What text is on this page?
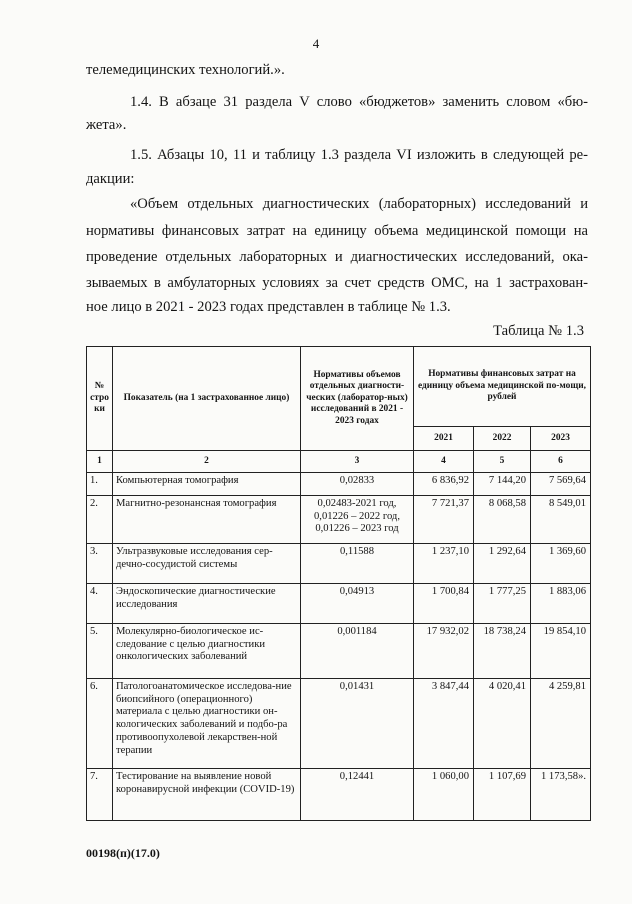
4
телемедицинских технологий.».
1.4. В абзаце 31 раздела V слово «бюджетов» заменить словом «бю-
жета».
1.5. Абзацы 10, 11 и таблицу 1.3 раздела VI изложить в следующей ре-
дакции:
«Объем отдельных диагностических (лабораторных) исследований и
нормативы финансовых затрат на единицу объема медицинской помощи на
проведение отдельных лабораторных и диагностических исследований, ока-
зываемых в амбулаторных условиях за счет средств ОМС, на 1 застрахован-
ное лицо в 2021 - 2023 годах представлен в таблице № 1.3.
Таблица № 1.3
№ стро ки	Показатель (на 1 застрахованное лицо)	Нормативы объемов отдельных диагности-ческих (лаборатор-ных) исследований в 2021 - 2023 годах	Нормативы финансовых затрат на единицу объема медицинской по-мощи, рублей		
			2021	2022	2023
1	2	3	4	5	6
1.	Компьютерная томография	0,02833	6 836,92	7 144,20	7 569,64
2.	Магнитно-резонансная томография	0,02483-2021 год,
0,01226 – 2022 год,
0,01226 – 2023 год	7 721,37	8 068,58	8 549,01
3.	Ультразвуковые исследования сер-дечно-сосудистой системы	0,11588	1 237,10	1 292,64	1 369,60
4.	Эндоскопические диагностические исследования	0,04913	1 700,84	1 777,25	1 883,06
5.	Молекулярно-биологическое ис-следование с целью диагностики онкологических заболеваний	0,001184	17 932,02	18 738,24	19 854,10
6.	Патологоанатомическое исследова-ние биопсийного (операционного) материала с целью диагностики он-кологических заболеваний и подбо-ра противоопухолевой лекарствен-ной терапии	0,01431	3 847,44	4 020,41	4 259,81
7.	Тестирование на выявление новой коронавирусной инфекции (COVID-19)	0,12441	1 060,00	1 107,69	1 173,58».
00198(п)(17.0)
